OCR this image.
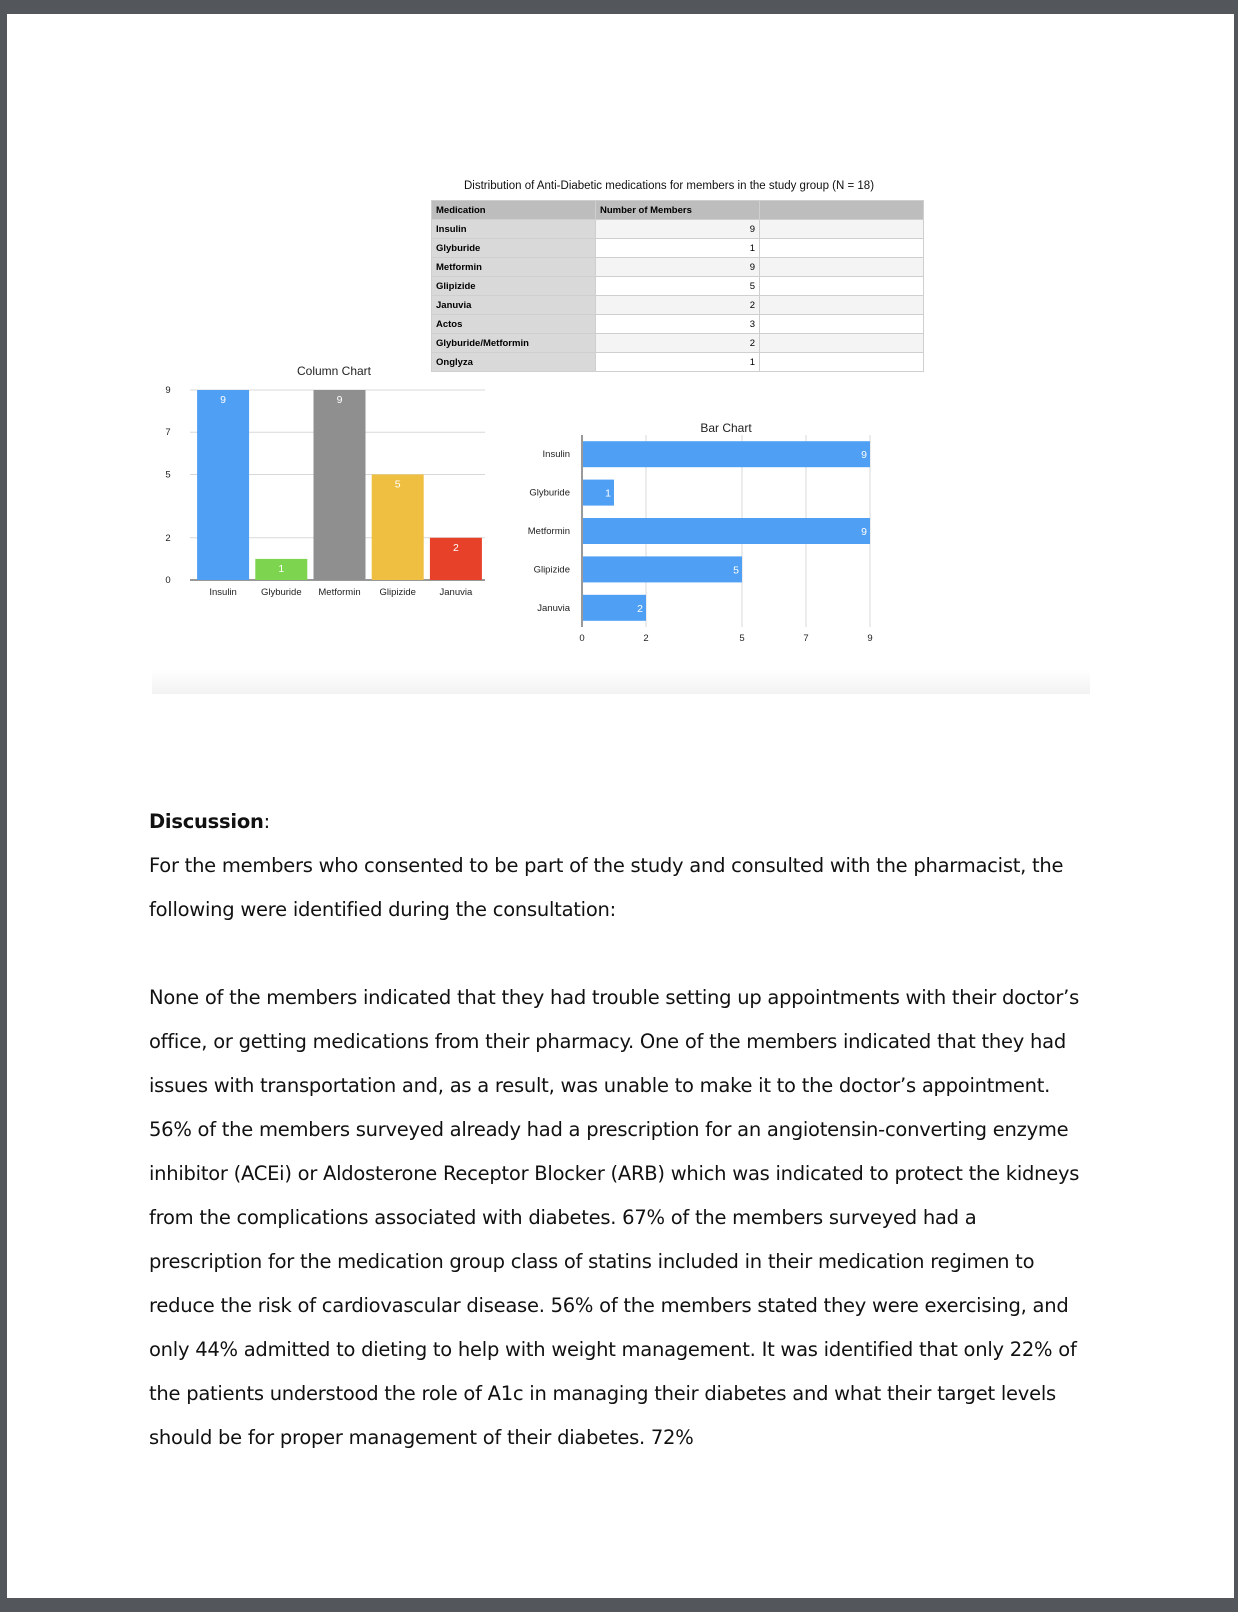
Distribution of Anti-Diabetic medications for members in the study group (N = 18)
Medication	Number of Members	
Insulin	9	
Glyburide	1	
Metformin	9	
Glipizide	5	
Januvia	2	
Actos	3	
Glyburide/Metformin	2	
Onglyza	1	
Column Chart
0
2
5
7
9
9
Insulin
1
Glyburide
9
Metformin
5
Glipizide
2
Januvia
Bar Chart
0	2	5	7	9
9
Insulin
1
Glyburide
9
Metformin
5
Glipizide
2
Januvia

Discussion:

For the members who consented to be part of the study and consulted with the pharmacist, the following were identified during the consultation:

None of the members indicated that they had trouble setting up appointments with their doctor’s office, or getting medications from their pharmacy. One of the members indicated that they had issues with transportation and, as a result, was unable to make it to the doctor’s appointment. 56% of the members surveyed already had a prescription for an angiotensin-converting enzyme inhibitor (ACEi) or Aldosterone Receptor Blocker (ARB) which was indicated to protect the kidneys from the complications associated with diabetes. 67% of the members surveyed had a prescription for the medication group class of statins included in their medication regimen to reduce the risk of cardiovascular disease. 56% of the members stated they were exercising, and only 44% admitted to dieting to help with weight management. It was identified that only 22% of the patients understood the role of A1c in managing their diabetes and what their target levels should be for proper management of their diabetes. 72%
